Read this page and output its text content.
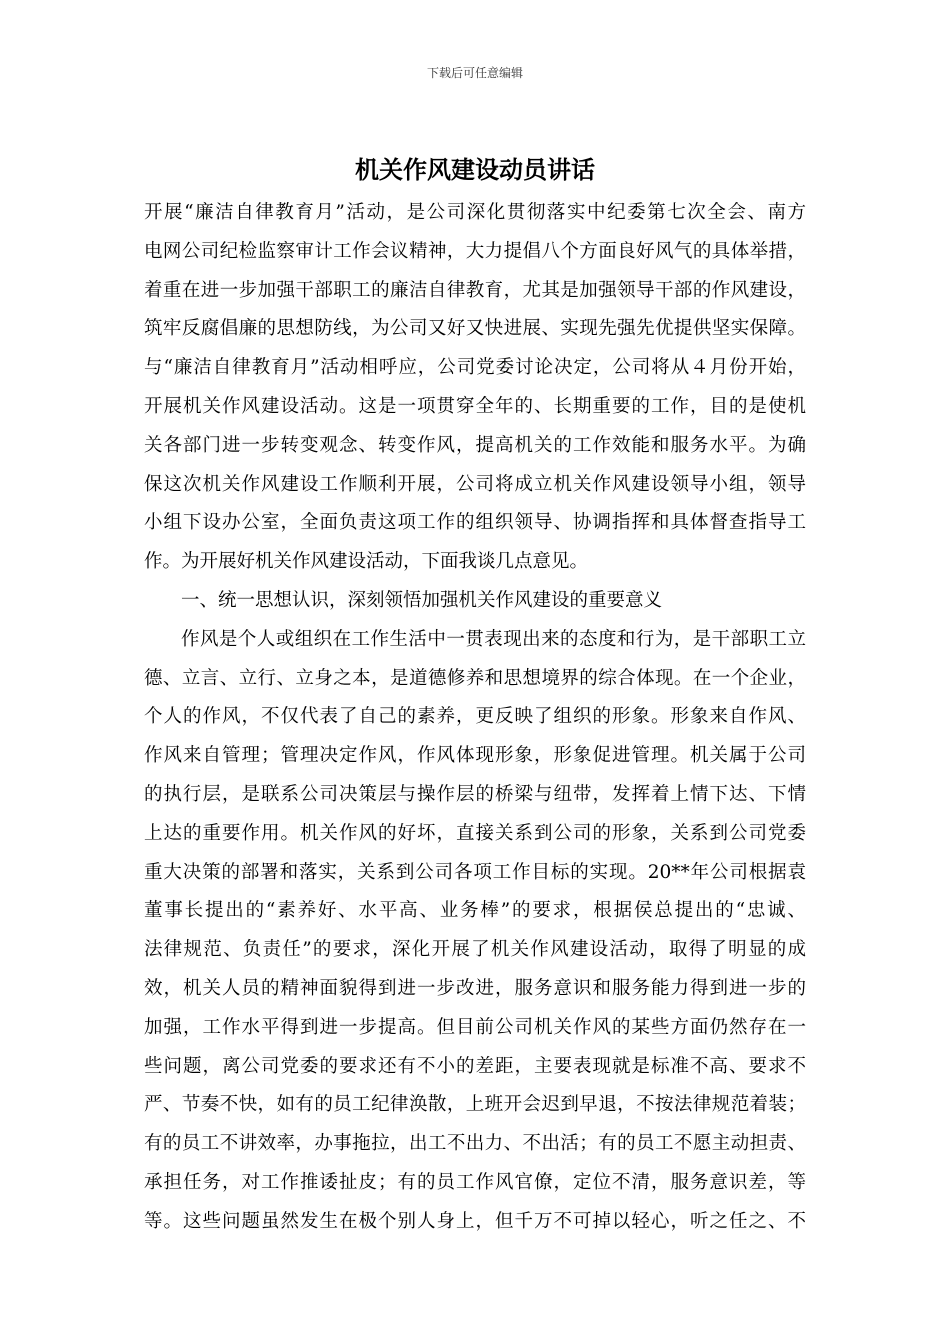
下载后可任意编辑
机关作风建设动员讲话
开展“廉洁自律教育月”活动，是公司深化贯彻落实中纪委第七次全会、南方
电网公司纪检监察审计工作会议精神，大力提倡八个方面良好风气的具体举措，
着重在进一步加强干部职工的廉洁自律教育，尤其是加强领导干部的作风建设，
筑牢反腐倡廉的思想防线，为公司又好又快进展、实现先强先优提供坚实保障。
与“廉洁自律教育月”活动相呼应，公司党委讨论决定，公司将从４月份开始，
开展机关作风建设活动。这是一项贯穿全年的、长期重要的工作，目的是使机
关各部门进一步转变观念、转变作风，提高机关的工作效能和服务水平。为确
保这次机关作风建设工作顺利开展，公司将成立机关作风建设领导小组，领导
小组下设办公室，全面负责这项工作的组织领导、协调指挥和具体督查指导工
作。为开展好机关作风建设活动，下面我谈几点意见。
一、统一思想认识，深刻领悟加强机关作风建设的重要意义
作风是个人或组织在工作生活中一贯表现出来的态度和行为，是干部职工立
德、立言、立行、立身之本，是道德修养和思想境界的综合体现。在一个企业，
个人的作风，不仅代表了自己的素养，更反映了组织的形象。形象来自作风、
作风来自管理；管理决定作风，作风体现形象，形象促进管理。机关属于公司
的执行层，是联系公司决策层与操作层的桥梁与纽带，发挥着上情下达、下情
上达的重要作用。机关作风的好坏，直接关系到公司的形象，关系到公司党委
重大决策的部署和落实，关系到公司各项工作目标的实现。20**年公司根据袁
董事长提出的“素养好、水平高、业务棒”的要求，根据侯总提出的“忠诚、
法律规范、负责任”的要求，深化开展了机关作风建设活动，取得了明显的成
效，机关人员的精神面貌得到进一步改进，服务意识和服务能力得到进一步的
加强，工作水平得到进一步提高。但目前公司机关作风的某些方面仍然存在一
些问题，离公司党委的要求还有不小的差距，主要表现就是标准不高、要求不
严、节奏不快，如有的员工纪律涣散，上班开会迟到早退，不按法律规范着装；
有的员工不讲效率，办事拖拉，出工不出力、不出活；有的员工不愿主动担责、
承担任务，对工作推诿扯皮；有的员工作风官僚，定位不清，服务意识差，等
等。这些问题虽然发生在极个别人身上，但千万不可掉以轻心，听之任之、不
